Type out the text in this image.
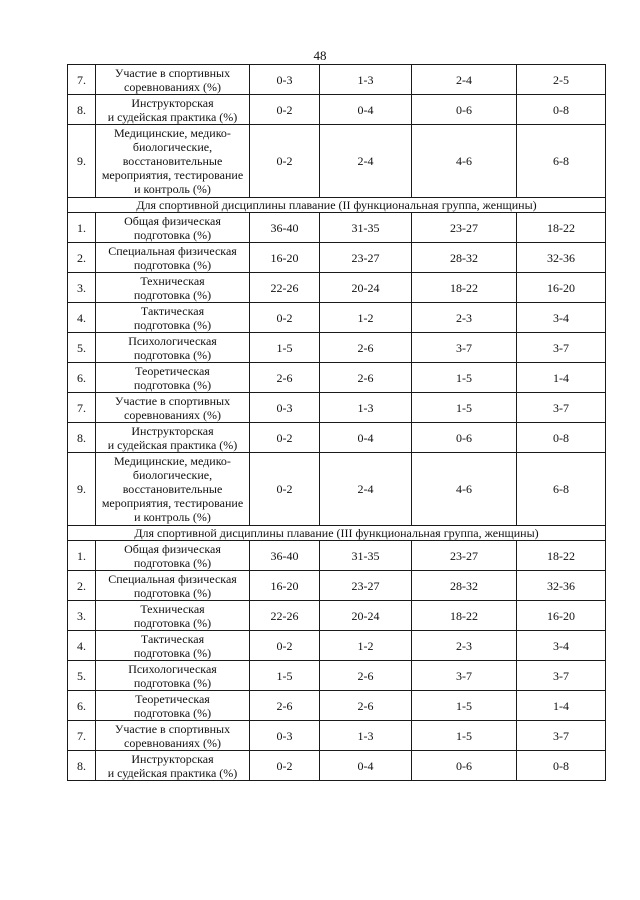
48
7.	Участие в спортивных
соревнованиях (%)	0-3	1-3	2-4	2-5
8.	Инструкторская
и судейская практика (%)	0-2	0-4	0-6	0-8
9.	Медицинские, медико-
биологические,
восстановительные
мероприятия, тестирование
и контроль (%)	0-2	2-4	4-6	6-8
Для спортивной дисциплины плавание (II функциональная группа, женщины)					
1.	Общая физическая
подготовка (%)	36-40	31-35	23-27	18-22
2.	Специальная физическая
подготовка (%)	16-20	23-27	28-32	32-36
3.	Техническая
подготовка (%)	22-26	20-24	18-22	16-20
4.	Тактическая
подготовка (%)	0-2	1-2	2-3	3-4
5.	Психологическая
подготовка (%)	1-5	2-6	3-7	3-7
6.	Теоретическая
подготовка (%)	2-6	2-6	1-5	1-4
7.	Участие в спортивных
соревнованиях (%)	0-3	1-3	1-5	3-7
8.	Инструкторская
и судейская практика (%)	0-2	0-4	0-6	0-8
9.	Медицинские, медико-
биологические,
восстановительные
мероприятия, тестирование
и контроль (%)	0-2	2-4	4-6	6-8
Для спортивной дисциплины плавание (III функциональная группа, женщины)					
1.	Общая физическая
подготовка (%)	36-40	31-35	23-27	18-22
2.	Специальная физическая
подготовка (%)	16-20	23-27	28-32	32-36
3.	Техническая
подготовка (%)	22-26	20-24	18-22	16-20
4.	Тактическая
подготовка (%)	0-2	1-2	2-3	3-4
5.	Психологическая
подготовка (%)	1-5	2-6	3-7	3-7
6.	Теоретическая
подготовка (%)	2-6	2-6	1-5	1-4
7.	Участие в спортивных
соревнованиях (%)	0-3	1-3	1-5	3-7
8.	Инструкторская
и судейская практика (%)	0-2	0-4	0-6	0-8
